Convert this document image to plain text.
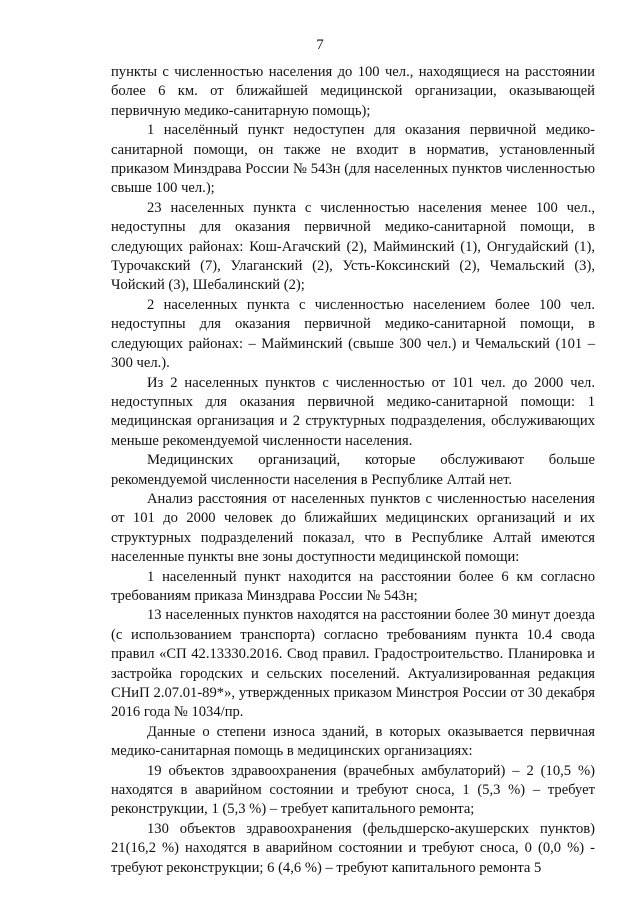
7

пункты с численностью населения до 100 чел., находящиеся на расстоянии более 6 км. от ближайшей медицинской организации, оказывающей первичную медико-санитарную помощь);

1 населённый пункт недоступен для оказания первичной медико-санитарной помощи, он также не входит в норматив, установленный приказом Минздрава России № 543н (для населенных пунктов численностью свыше 100 чел.);

23 населенных пункта с численностью населения менее 100 чел., недоступны для оказания первичной медико-санитарной помощи, в следующих районах: Кош-Агачский (2), Майминский (1), Онгудайский (1), Турочакский (7), Улаганский (2), Усть-Коксинский (2), Чемальский (3), Чойский (3), Шебалинский (2);

2 населенных пункта с численностью населением более 100 чел. недоступны для оказания первичной медико-санитарной помощи, в следующих районах: – Майминский (свыше 300 чел.) и Чемальский (101 – 300 чел.).

Из 2 населенных пунктов с численностью от 101 чел. до 2000 чел. недоступных для оказания первичной медико-санитарной помощи: 1 медицинская организация и 2 структурных подразделения, обслуживающих меньше рекомендуемой численности населения.

Медицинских организаций, которые обслуживают больше рекомендуемой численности населения в Республике Алтай нет.

Анализ расстояния от населенных пунктов с численностью населения от 101 до 2000 человек до ближайших медицинских организаций и их структурных подразделений показал, что в Республике Алтай имеются населенные пункты вне зоны доступности медицинской помощи:

1 населенный пункт находится на расстоянии более 6 км согласно требованиям приказа Минздрава России № 543н;

13 населенных пунктов находятся на расстоянии более 30 минут доезда (с использованием транспорта) согласно требованиям пункта 10.4 свода правил «СП 42.13330.2016. Свод правил. Градостроительство. Планировка и застройка городских и сельских поселений. Актуализированная редакция СНиП 2.07.01-89*», утвержденных приказом Минстроя России от 30 декабря 2016 года № 1034/пр.

Данные о степени износа зданий, в которых оказывается первичная медико-санитарная помощь в медицинских организациях:

19 объектов здравоохранения (врачебных амбулаторий) – 2 (10,5 %) находятся в аварийном состоянии и требуют сноса, 1 (5,3 %) – требует реконструкции, 1 (5,3 %) – требует капитального ремонта;

130 объектов здравоохранения (фельдшерско-акушерских пунктов) 21(16,2 %) находятся в аварийном состоянии и требуют сноса, 0 (0,0 %) - требуют реконструкции; 6 (4,6 %) – требуют капитального ремонта 5
